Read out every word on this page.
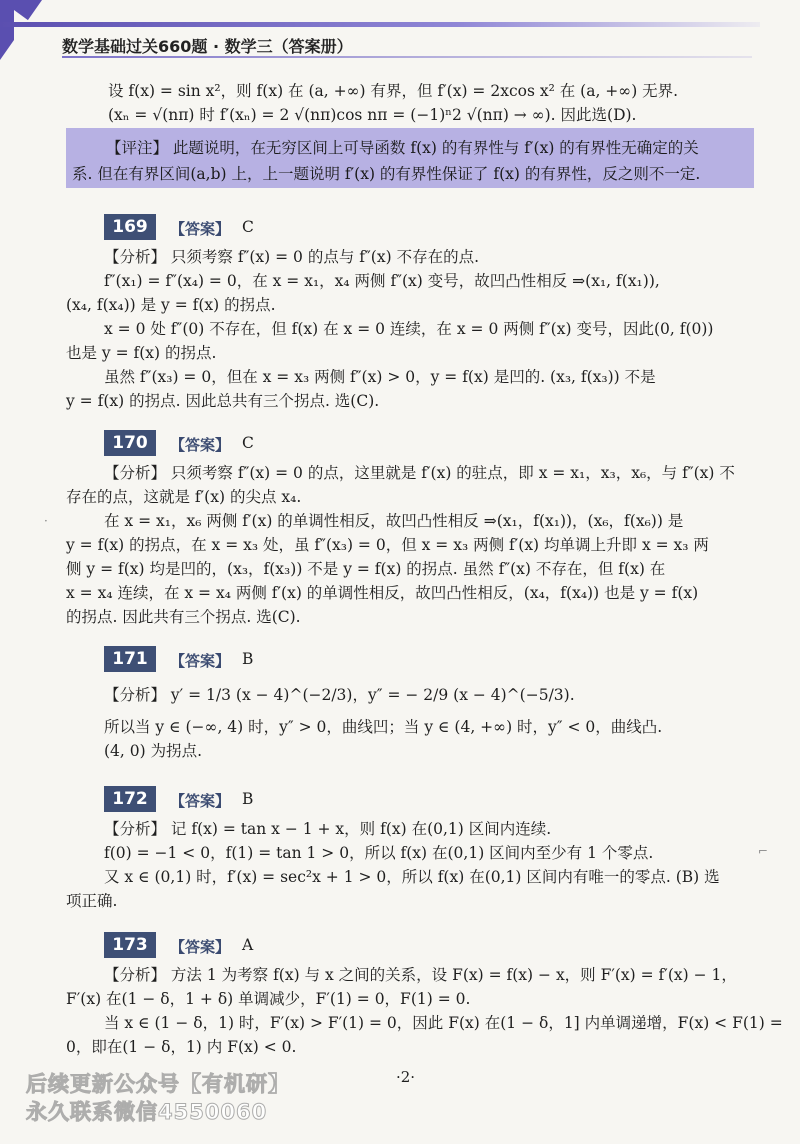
数学基础过关660题 · 数学三（答案册）
设 f(x) = sin x²，则 f(x) 在 (a, +∞) 有界，但 f′(x) = 2xcos x² 在 (a, +∞) 无界.
(xₙ = √(nπ) 时 f′(xₙ) = 2 √(nπ)cos nπ = (−1)ⁿ2 √(nπ) → ∞). 因此选(D).
【评注】 此题说明，在无穷区间上可导函数 f(x) 的有界性与 f′(x) 的有界性无确定的关
系. 但在有界区间(a,b) 上，上一题说明 f′(x) 的有界性保证了 f(x) 的有界性，反之则不一定.
169	【答案】 C
【分析】 只须考察 f″(x) = 0 的点与 f″(x) 不存在的点.
f″(x₁) = f″(x₄) = 0，在 x = x₁，x₄ 两侧 f″(x) 变号，故凹凸性相反 ⇒(x₁, f(x₁)),
(x₄, f(x₄)) 是 y = f(x) 的拐点.
x = 0 处 f″(0) 不存在，但 f(x) 在 x = 0 连续，在 x = 0 两侧 f″(x) 变号，因此(0, f(0))
也是 y = f(x) 的拐点.
虽然 f″(x₃) = 0，但在 x = x₃ 两侧 f″(x) > 0，y = f(x) 是凹的. (x₃, f(x₃)) 不是
y = f(x) 的拐点. 因此总共有三个拐点. 选(C).
170	【答案】 C
【分析】 只须考察 f″(x) = 0 的点，这里就是 f′(x) 的驻点，即 x = x₁，x₃，x₆，与 f″(x) 不
存在的点，这就是 f′(x) 的尖点 x₄.
在 x = x₁，x₆ 两侧 f′(x) 的单调性相反，故凹凸性相反 ⇒(x₁，f(x₁))，(x₆，f(x₆)) 是
y = f(x) 的拐点，在 x = x₃ 处，虽 f″(x₃) = 0，但 x = x₃ 两侧 f′(x) 均单调上升即 x = x₃ 两
侧 y = f(x) 均是凹的，(x₃，f(x₃)) 不是 y = f(x) 的拐点. 虽然 f″(x) 不存在，但 f(x) 在
x = x₄ 连续，在 x = x₄ 两侧 f′(x) 的单调性相反，故凹凸性相反，(x₄，f(x₄)) 也是 y = f(x)
的拐点. 因此共有三个拐点. 选(C).
171	【答案】 B
【分析】 y′ = 1/3 (x − 4)^(−2/3)，y″ = − 2/9 (x − 4)^(−5/3).
所以当 y ∈ (−∞, 4) 时，y″ > 0，曲线凹；当 y ∈ (4, +∞) 时，y″ < 0，曲线凸.
(4, 0) 为拐点.
172	【答案】 B
【分析】 记 f(x) = tan x − 1 + x，则 f(x) 在(0,1) 区间内连续.
f(0) = −1 < 0，f(1) = tan 1 > 0，所以 f(x) 在(0,1) 区间内至少有 1 个零点.
又 x ∈ (0,1) 时，f′(x) = sec²x + 1 > 0，所以 f(x) 在(0,1) 区间内有唯一的零点. (B) 选
项正确.
173	【答案】 A
【分析】 方法 1 为考察 f(x) 与 x 之间的关系，设 F(x) = f(x) − x，则 F′(x) = f′(x) − 1，
F′(x) 在(1 − δ，1 + δ) 单调减少，F′(1) = 0，F(1) = 0.
当 x ∈ (1 − δ，1) 时，F′(x) > F′(1) = 0，因此 F(x) 在(1 − δ，1] 内单调递增，F(x) < F(1) =
0，即在(1 − δ，1) 内 F(x) < 0.
·2·
后续更新公众号【有机研】
永久联系微信4550060
·
⌐
